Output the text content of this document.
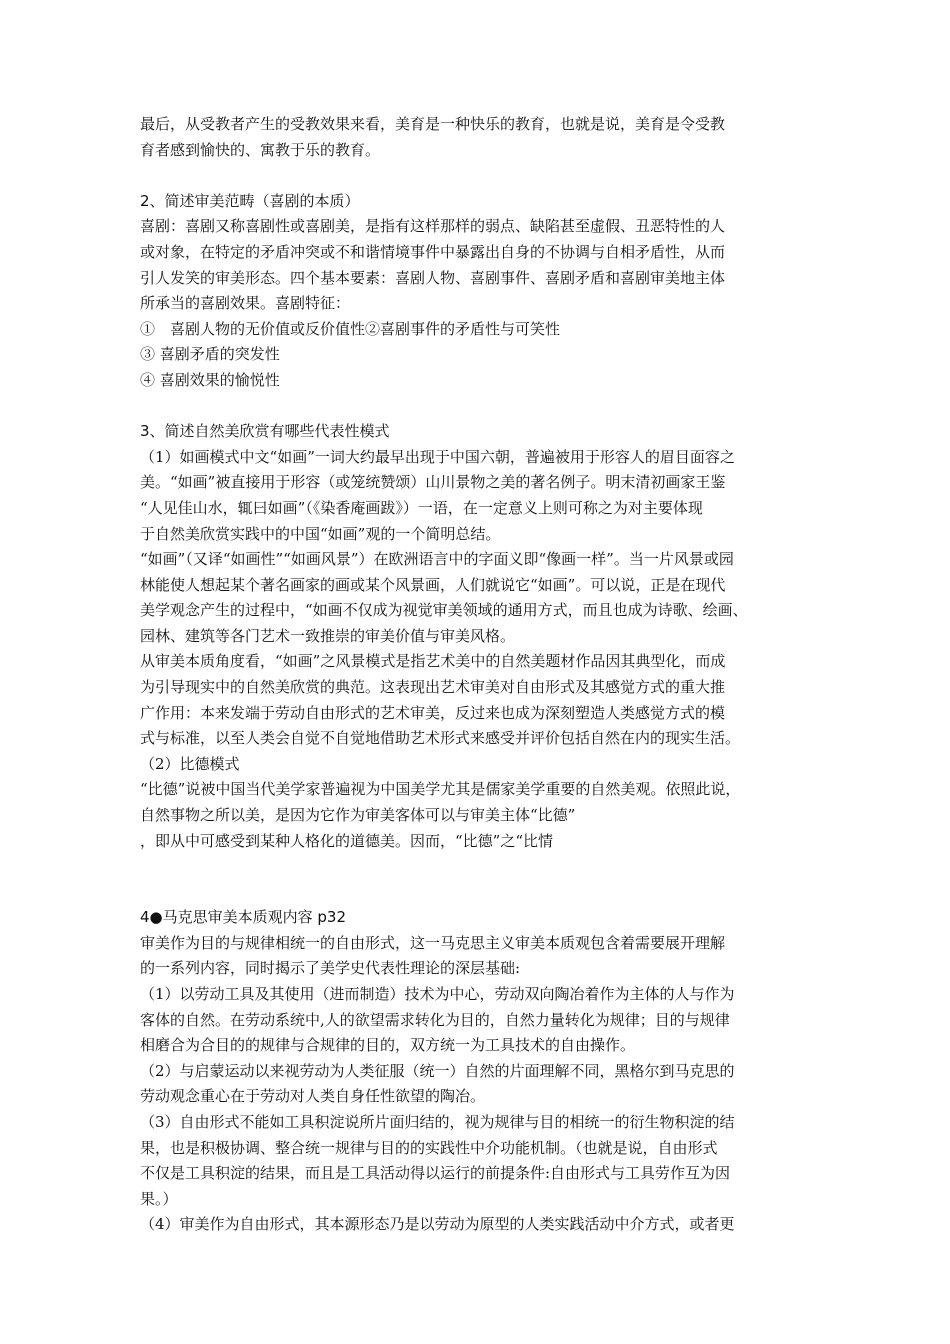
最后，从受教者产生的受教效果来看，美育是一种快乐的教育，也就是说，美育是令受教
育者感到愉快的、寓教于乐的教育。
2、简述审美范畴（喜剧的本质）
喜剧：喜剧又称喜剧性或喜剧美，是指有这样那样的弱点、缺陷甚至虚假、丑恶特性的人
或对象，在特定的矛盾冲突或不和谐情境事件中暴露出自身的不协调与自相矛盾性，从而
引人发笑的审美形态。四个基本要素：喜剧人物、喜剧事件、喜剧矛盾和喜剧审美地主体
所承当的喜剧效果。喜剧特征：
①　喜剧人物的无价值或反价值性②喜剧事件的矛盾性与可笑性
③ 喜剧矛盾的突发性
④ 喜剧效果的愉悦性
3、简述自然美欣赏有哪些代表性模式
（1）如画模式中文“如画”一词大约最早出现于中国六朝，普遍被用于形容人的眉目面容之
美。“如画”被直接用于形容（或笼统赞颂）山川景物之美的著名例子。明末清初画家王鉴
“人见佳山水，辄曰如画”（《染香庵画跋》）一语，在一定意义上则可称之为对主要体现
于自然美欣赏实践中的中国“如画”观的一个简明总结。
“如画”（又译“如画性”“如画风景”）在欧洲语言中的字面义即“像画一样”。当一片风景或园
林能使人想起某个著名画家的画或某个风景画，人们就说它“如画”。可以说，正是在现代
美学观念产生的过程中，“如画不仅成为视觉审美领域的通用方式，而且也成为诗歌、绘画、
园林、建筑等各门艺术一致推崇的审美价值与审美风格。
从审美本质角度看，“如画”之风景模式是指艺术美中的自然美题材作品因其典型化，而成
为引导现实中的自然美欣赏的典范。这表现出艺术审美对自由形式及其感觉方式的重大推
广作用：本来发端于劳动自由形式的艺术审美，反过来也成为深刻塑造人类感觉方式的模
式与标准，以至人类会自觉不自觉地借助艺术形式来感受并评价包括自然在内的现实生活。
（2）比德模式
“比德”说被中国当代美学家普遍视为中国美学尤其是儒家美学重要的自然美观。依照此说，
自然事物之所以美，是因为它作为审美客体可以与审美主体“比德”
，即从中可感受到某种人格化的道德美。因而，“比德”之“比情
4●马克思审美本质观内容 p32
审美作为目的与规律相统一的自由形式，这一马克思主义审美本质观包含着需要展开理解
的一系列内容，同时揭示了美学史代表性理论的深层基础:
（1）以劳动工具及其使用（进而制造）技术为中心，劳动双向陶冶着作为主体的人与作为
客体的自然。在劳动系统中,人的欲望需求转化为目的，自然力量转化为规律；目的与规律
相磨合为合目的的规律与合规律的目的，双方统一为工具技术的自由操作。
（2）与启蒙运动以来视劳动为人类征服（统一）自然的片面理解不同，黑格尔到马克思的
劳动观念重心在于劳动对人类自身任性欲望的陶冶。
（3）自由形式不能如工具积淀说所片面归结的，视为规律与目的相统一的衍生物积淀的结
果，也是积极协调、整合统一规律与目的的实践性中介功能机制。（也就是说，自由形式
不仅是工具积淀的结果，而且是工具活动得以运行的前提条件:自由形式与工具劳作互为因
果。）
（4）审美作为自由形式，其本源形态乃是以劳动为原型的人类实践活动中介方式，或者更
